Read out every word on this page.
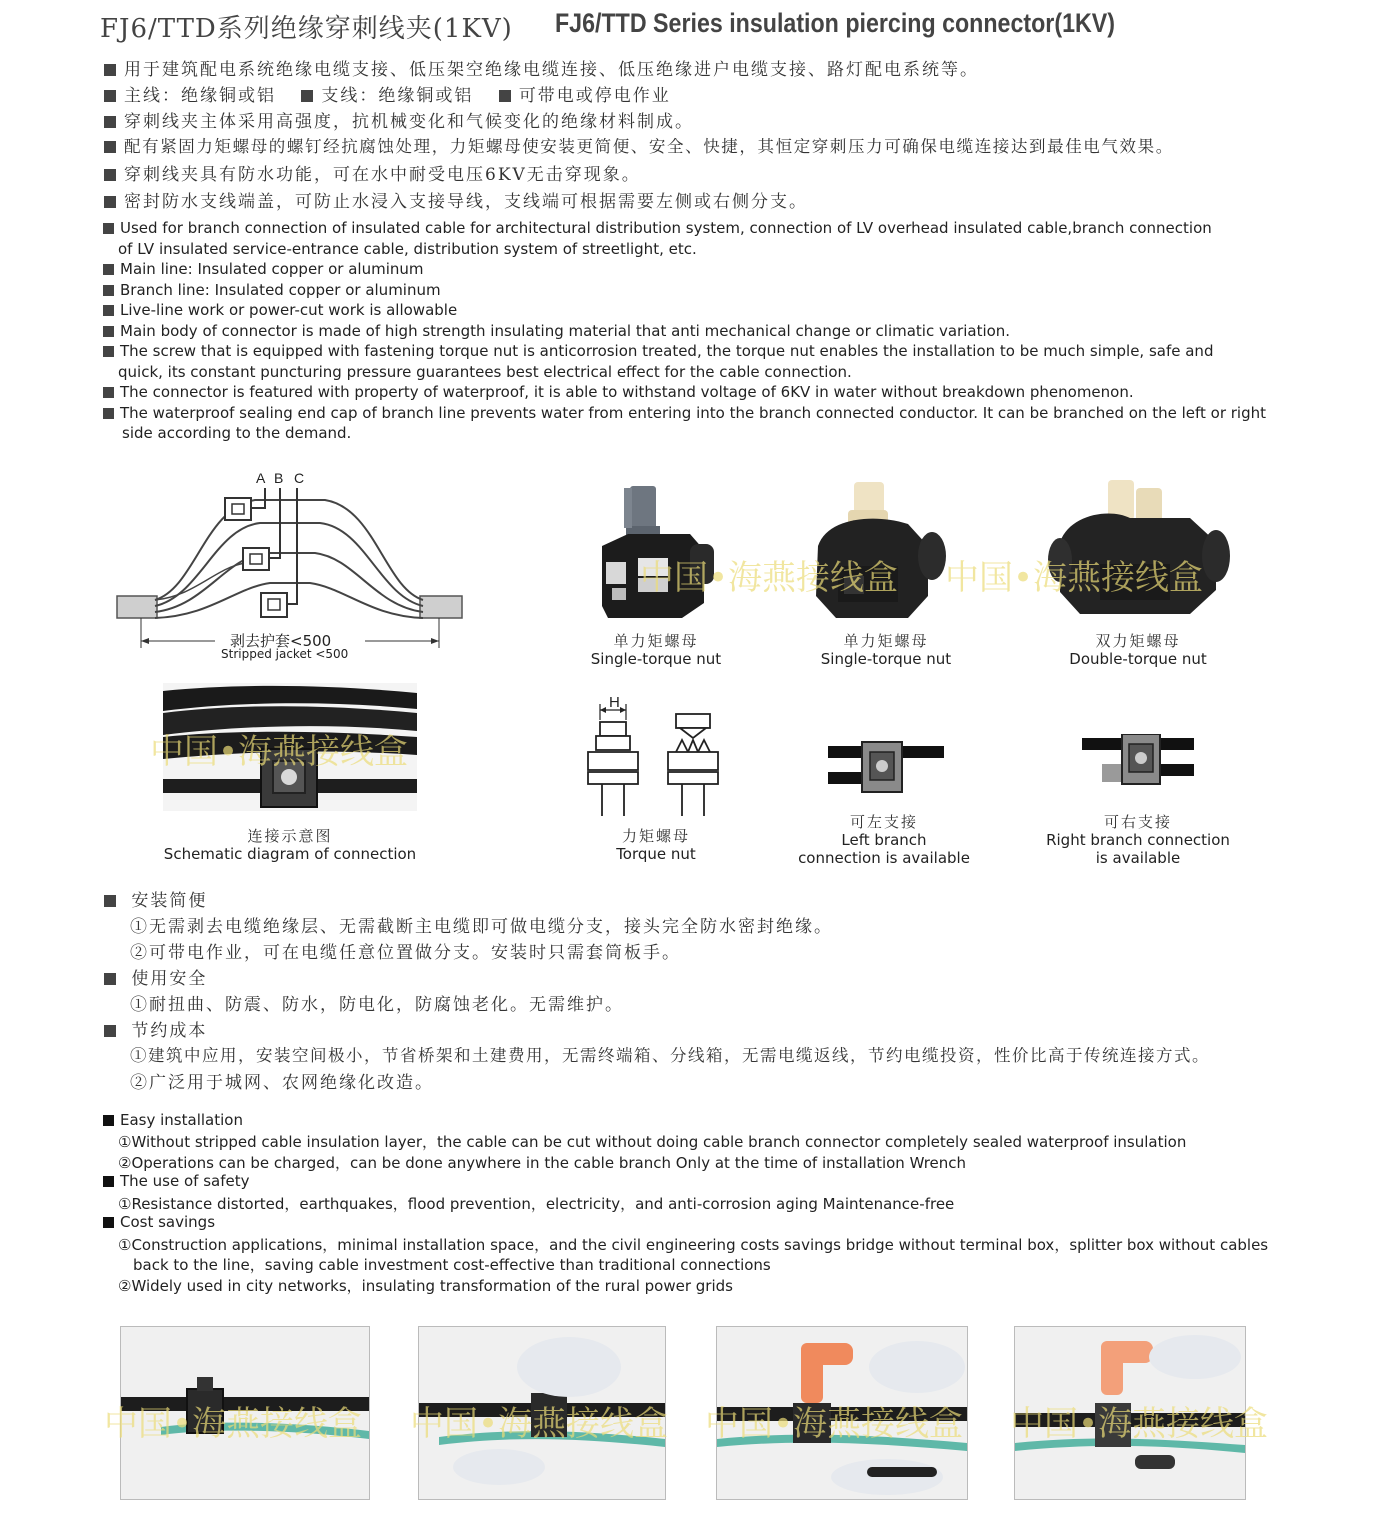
FJ6/TTD系列绝缘穿刺线夹(1KV) FJ6/TTD Series insulation piercing connector(1KV)
用于建筑配电系统绝缘电缆支接、低压架空绝缘电缆连接、低压绝缘进户电缆支接、路灯配电系统等。
主线：绝缘铜或铝	支线：绝缘铜或铝	可带电或停电作业
穿刺线夹主体采用高强度，抗机械变化和气候变化的绝缘材料制成。
配有紧固力矩螺母的螺钉经抗腐蚀处理，力矩螺母使安装更简便、安全、快捷，其恒定穿刺压力可确保电缆连接达到最佳电气效果。
穿刺线夹具有防水功能，可在水中耐受电压6KV无击穿现象。
密封防水支线端盖，可防止水浸入支接导线，支线端可根据需要左侧或右侧分支。
Used for branch connection of insulated cable for architectural distribution system, connection of LV overhead insulated cable,branch connection
of LV insulated service-entrance cable, distribution system of streetlight, etc.
Main line: Insulated copper or aluminum
Branch line: Insulated copper or aluminum
Live-line work or power-cut work is allowable
Main body of connector is made of high strength insulating material that anti mechanical change or climatic variation.
The screw that is equipped with fastening torque nut is anticorrosion treated, the torque nut enables the installation to be much simple, safe and
quick, its constant puncturing pressure guarantees best electrical effect for the cable connection.
The connector is featured with property of waterproof, it is able to withstand voltage of 6KV in water without breakdown phenomenon.
The waterproof sealing end cap of branch line prevents water from entering into the branch connected conductor. It can be branched on the left or right
side according to the demand.
A B C
剥去护套<500
Stripped jacket <500
单力矩螺母
Single-torque nut
单力矩螺母
Single-torque nut
双力矩螺母
Double-torque nut
连接示意图
Schematic diagram of connection
H
力矩螺母
Torque nut
可左支接
Left branch
connection is available
可右支接
Right branch connection
is available
中国•海燕接线盒 中国•海燕接线盒
中国•海燕接线盒
安装简便
①无需剥去电缆绝缘层、无需截断主电缆即可做电缆分支，接头完全防水密封绝缘。
②可带电作业，可在电缆任意位置做分支。安装时只需套筒板手。
使用安全
①耐扭曲、防震、防水，防电化，防腐蚀老化。无需维护。
节约成本
①建筑中应用，安装空间极小，节省桥架和土建费用，无需终端箱、分线箱，无需电缆返线，节约电缆投资，性价比高于传统连接方式。
②广泛用于城网、农网绝缘化改造。
Easy installation
①Without stripped cable insulation layer，the cable can be cut without doing cable branch connector completely sealed waterproof insulation
②Operations can be charged，can be done anywhere in the cable branch Only at the time of installation Wrench
The use of safety
①Resistance distorted，earthquakes，flood prevention，electricity，and anti-corrosion aging Maintenance-free
Cost savings
①Construction applications，minimal installation space，and the civil engineering costs savings bridge without terminal box，splitter box without cables
back to the line，saving cable investment cost-effective than traditional connections
②Widely used in city networks，insulating transformation of the rural power grids
中国•海燕接线盒 中国•海燕接线盒 中国•海燕接线盒 中国•海燕接线盒
